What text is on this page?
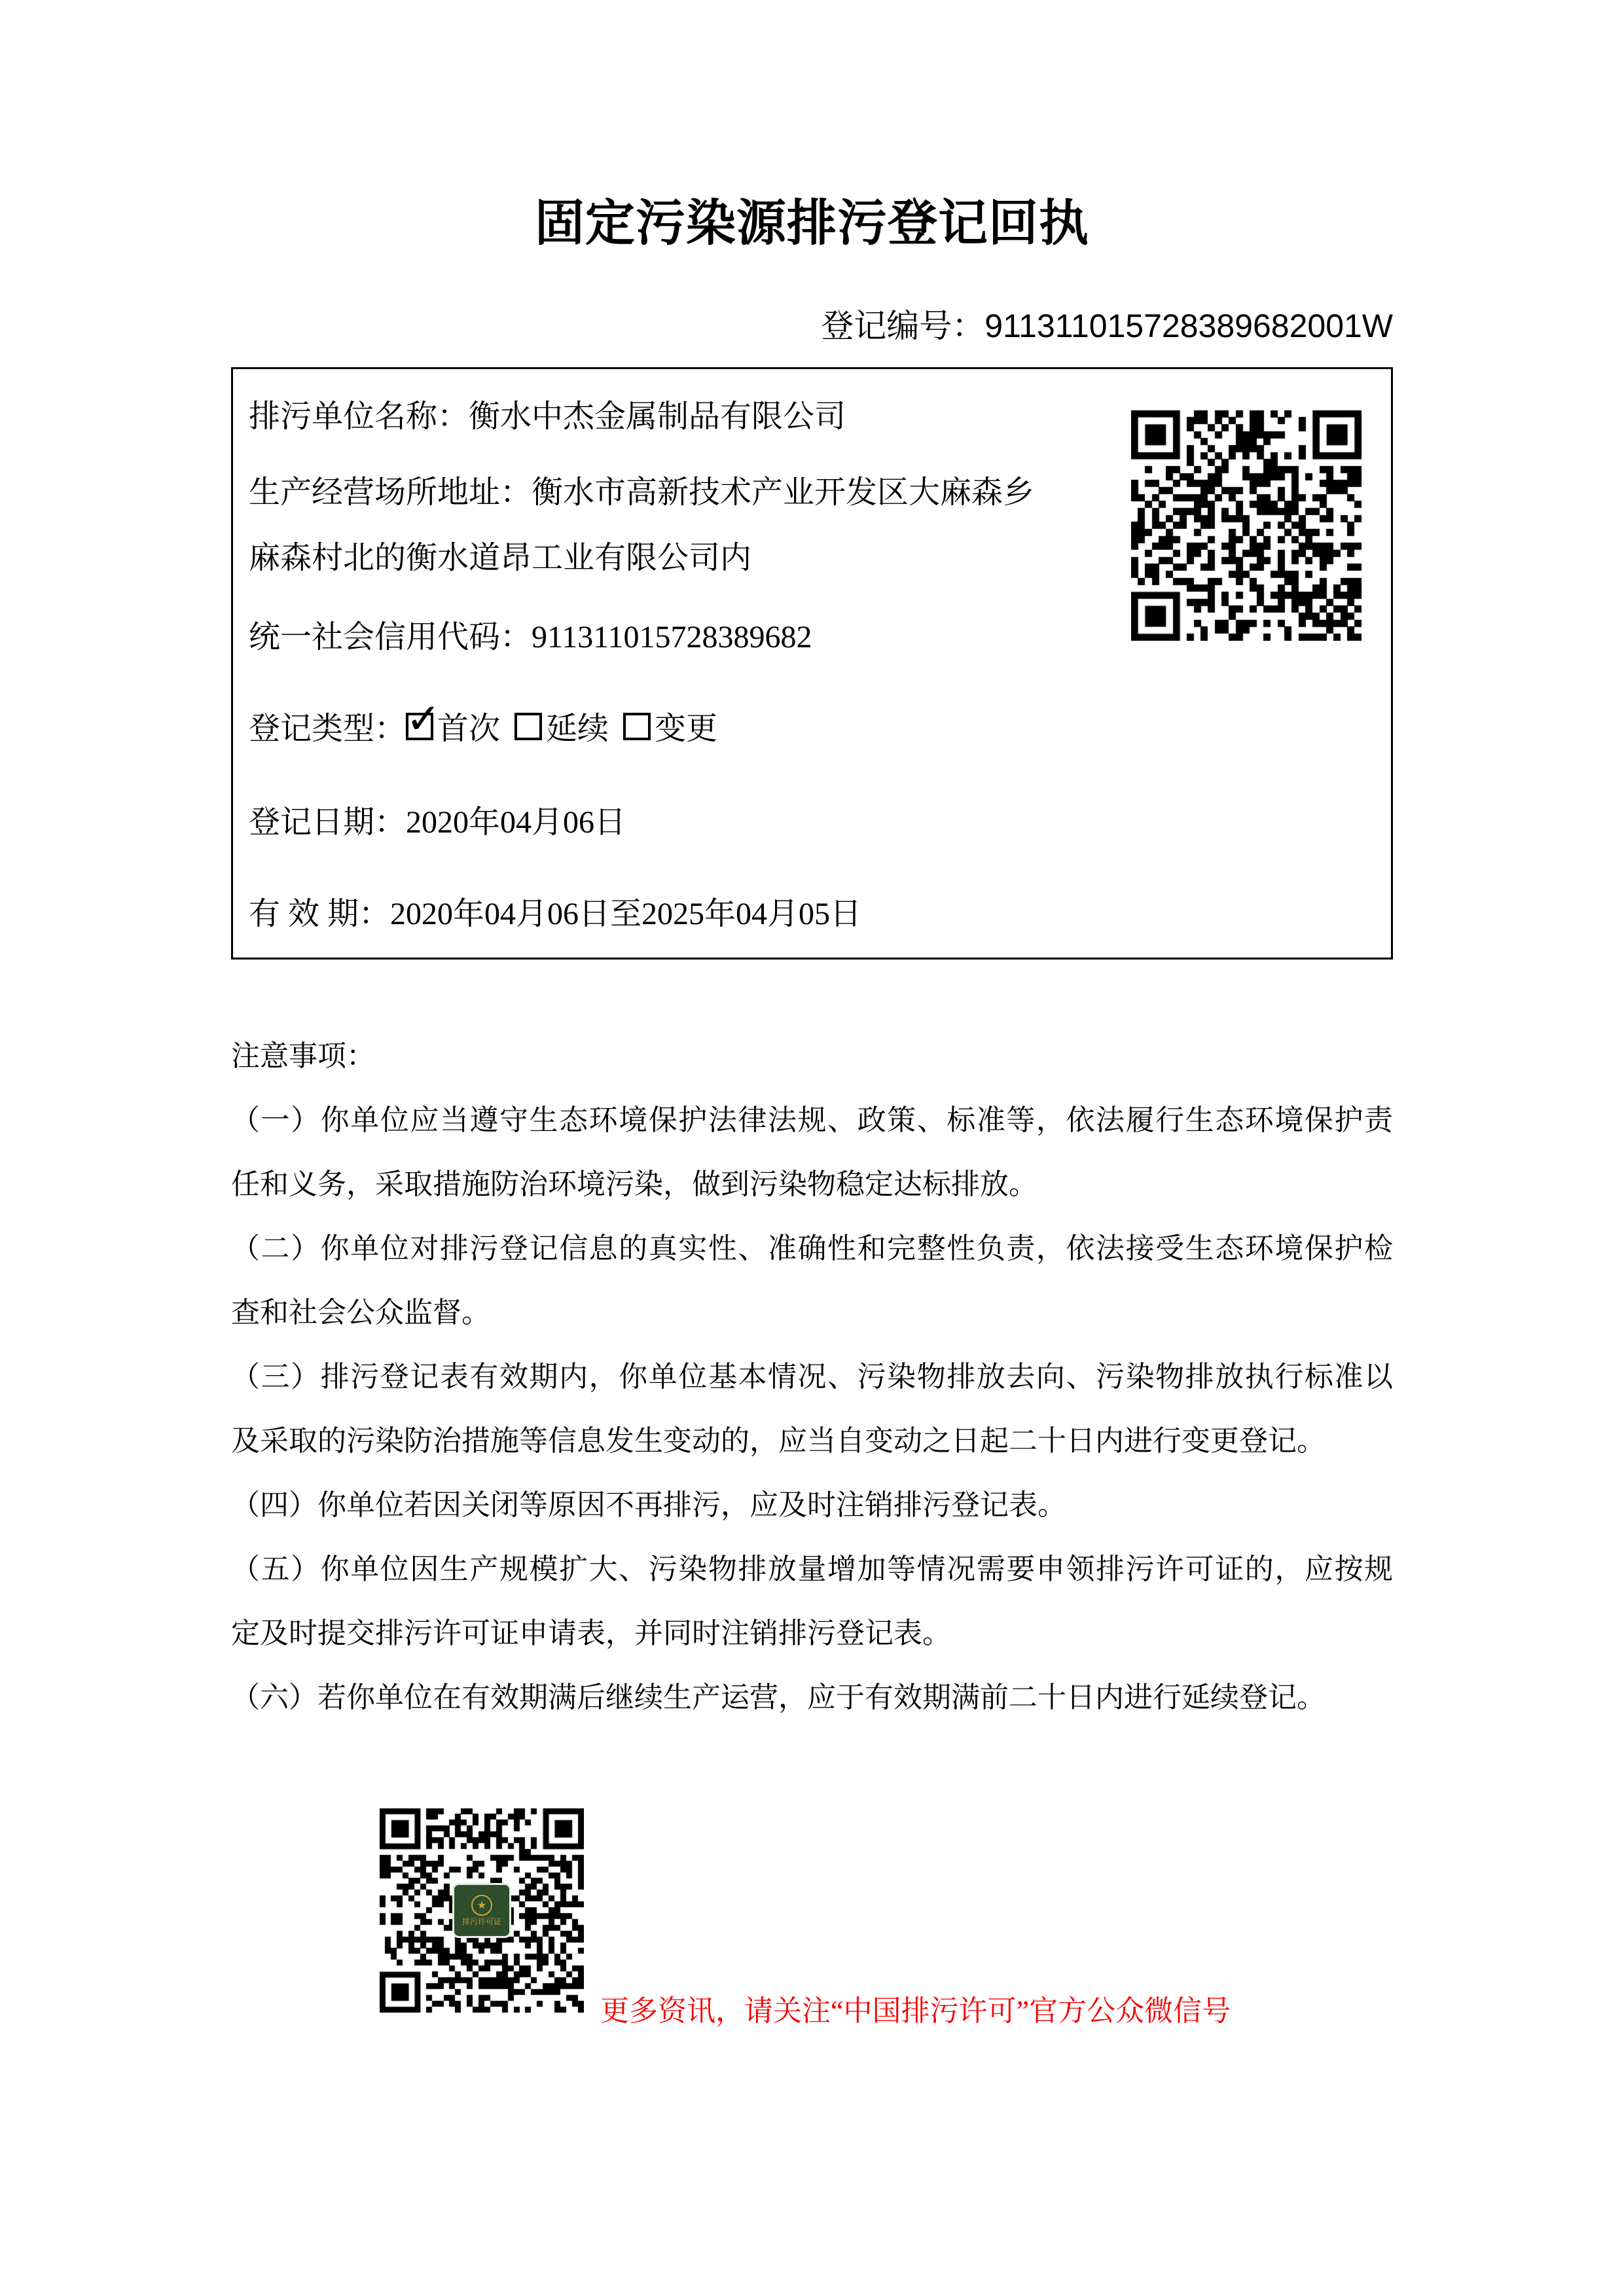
固定污染源排污登记回执
登记编号：911311015728389682001W

排污单位名称：衡水中杰金属制品有限公司

生产经营场所地址：衡水市高新技术产业开发区大麻森乡

麻森村北的衡水道昂工业有限公司内

统一社会信用代码：911311015728389682

登记类型： ✓
首次 延续 变更

登记日期：2020年04月06日

有 效 期：2020年04月06日至2025年04月05日

注意事项：
（一）你单位应当遵守生态环境保护法律法规、政策、标准等，依法履行生态环境保护责
任和义务，采取措施防治环境污染，做到污染物稳定达标排放。
（二）你单位对排污登记信息的真实性、准确性和完整性负责，依法接受生态环境保护检
查和社会公众监督。
（三）排污登记表有效期内，你单位基本情况、污染物排放去向、污染物排放执行标准以
及采取的污染防治措施等信息发生变动的，应当自变动之日起二十日内进行变更登记。
（四）你单位若因关闭等原因不再排污，应及时注销排污登记表。
（五）你单位因生产规模扩大、污染物排放量增加等情况需要申领排污许可证的，应按规
定及时提交排污许可证申请表，并同时注销排污登记表。
（六）若你单位在有效期满后继续生产运营，应于有效期满前二十日内进行延续登记。
★
排污许可证
更多资讯，请关注“中国排污许可”官方公众微信号
